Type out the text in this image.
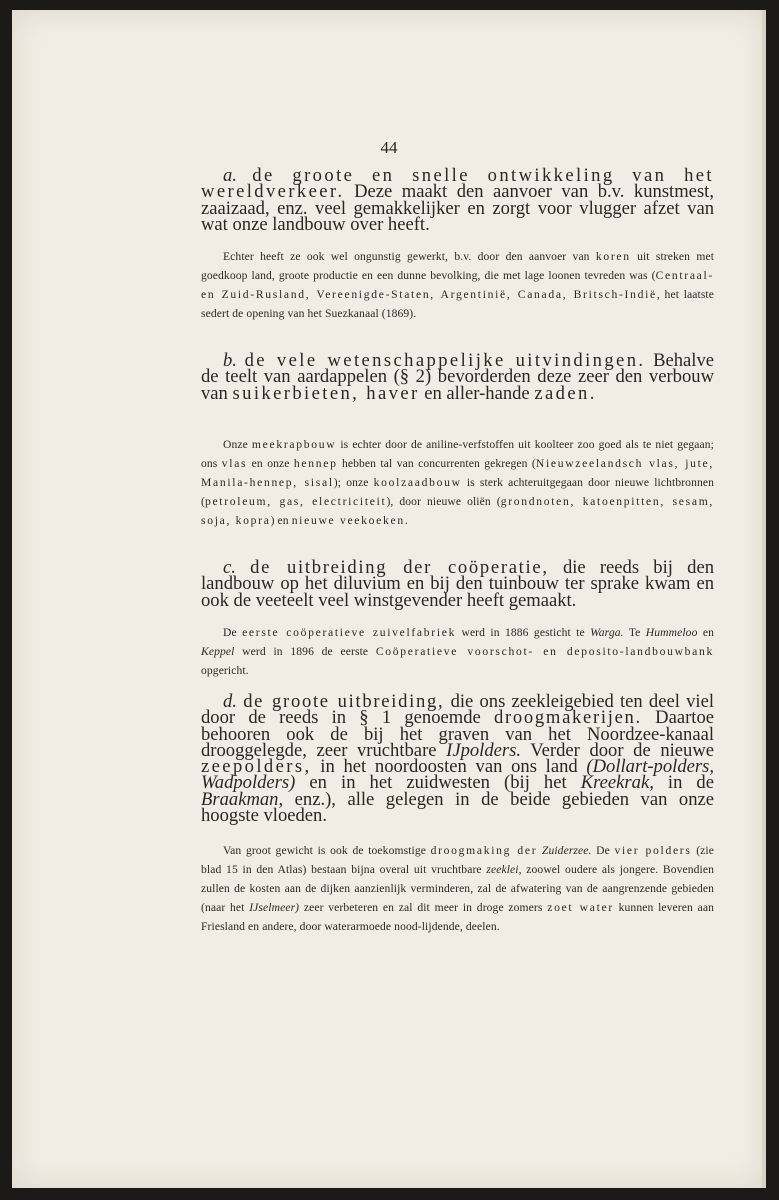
44
a. de groote en snelle ontwikkeling van het wereldverkeer. Deze maakt den aanvoer van b.v. kunstmest, zaaizaad, enz. veel gemakkelijker en zorgt voor vlugger afzet van wat onze landbouw over heeft.
Echter heeft ze ook wel ongunstig gewerkt, b.v. door den aanvoer van koren uit streken met goedkoop land, groote productie en een dunne bevolking, die met lage loonen tevreden was (Centraal- en Zuid-Rusland, Vereenigde-Staten, Argentinië, Canada, Britsch-Indië, het laatste sedert de opening van het Suezkanaal (1869).
b. de vele wetenschappelijke uitvindingen. Behalve de teelt van aardappelen (§ 2) bevorderden deze zeer den verbouw van suikerbieten, haver en aller-hande zaden.
Onze meekrapbouw is echter door de aniline-verfstoffen uit koolteer zoo goed als te niet gegaan; ons vlas en onze hennep hebben tal van concurrenten gekregen (Nieuwzeelandsch vlas, jute, Manila-hennep, sisal); onze koolzaadbouw is sterk achteruitgegaan door nieuwe lichtbronnen (petroleum, gas, electriciteit), door nieuwe oliën (grondnoten, katoenpitten, sesam, soja, kopra) en nieuwe veekoeken.
c. de uitbreiding der coöperatie, die reeds bij den landbouw op het diluvium en bij den tuinbouw ter sprake kwam en ook de veeteelt veel winstgevender heeft gemaakt.
De eerste coöperatieve zuivelfabriek werd in 1886 gesticht te Warga. Te Hummeloo en Keppel werd in 1896 de eerste Coöperatieve voorschot- en deposito-landbouwbank opgericht.
d. de groote uitbreiding, die ons zeekleigebied ten deel viel door de reeds in § 1 genoemde droogmakerijen. Daartoe behooren ook de bij het graven van het Noordzee-kanaal drooggelegde, zeer vruchtbare IJpolders. Verder door de nieuwe zeepolders, in het noordoosten van ons land (Dollart-polders, Wadpolders) en in het zuidwesten (bij het Kreekrak, in de Braakman, enz.), alle gelegen in de beide gebieden van onze hoogste vloeden.
Van groot gewicht is ook de toekomstige droogmaking der Zuiderzee. De vier polders (zie blad 15 in den Atlas) bestaan bijna overal uit vruchtbare zeeklei, zoowel oudere als jongere. Bovendien zullen de kosten aan de dijken aanzienlijk verminderen, zal de afwatering van de aangrenzende gebieden (naar het IJselmeer) zeer verbeteren en zal dit meer in droge zomers zoet water kunnen leveren aan Friesland en andere, door waterarmoede nood-lijdende, deelen.
